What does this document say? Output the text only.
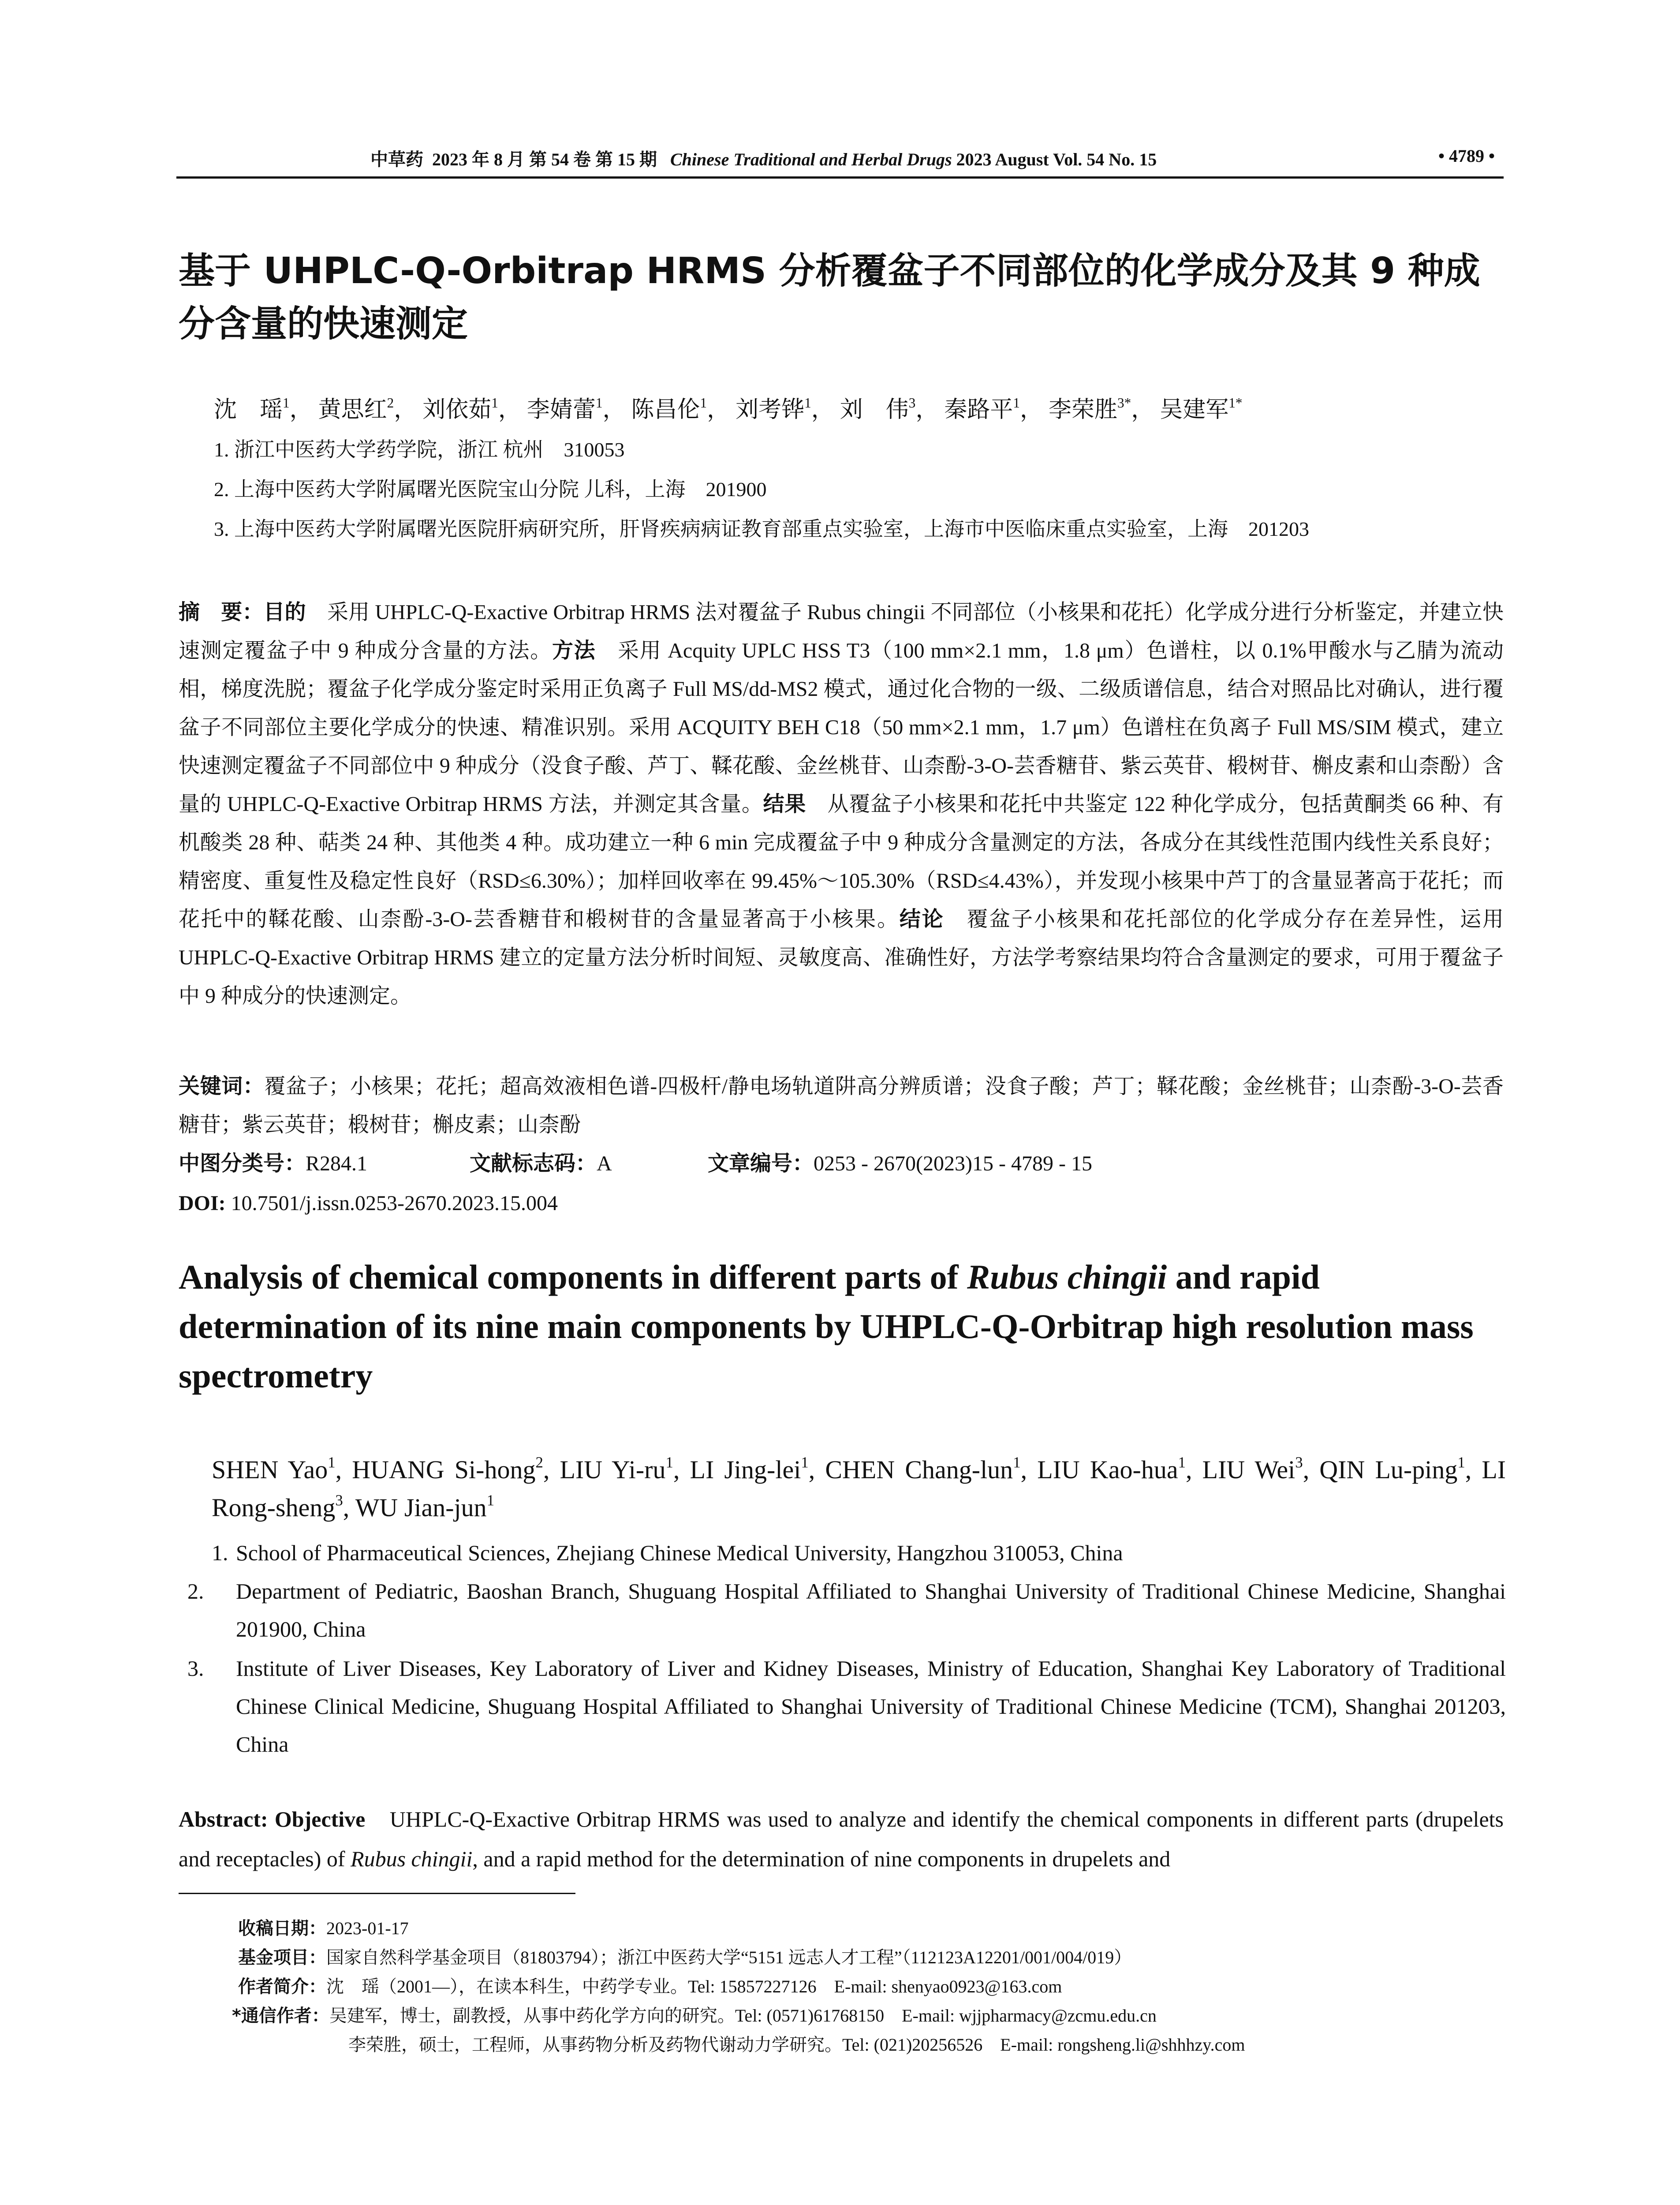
中草药 2023 年 8 月 第 54 卷 第 15 期 Chinese Traditional and Herbal Drugs 2023 August Vol. 54 No. 15	• 4789 •
基于 UHPLC-Q-Orbitrap HRMS 分析覆盆子不同部位的化学成分及其 9 种成分含量的快速测定
沈　瑶$^1$， 黄思红$^2$， 刘依茹$^1$， 李婧蕾$^1$， 陈昌伦$^1$， 刘考铧$^1$， 刘　伟$^3$， 秦路平$^1$， 李荣胜$^{3*}$， 吴建军$^{1*}$
1. 浙江中医药大学药学院，浙江 杭州　310053
2. 上海中医药大学附属曙光医院宝山分院 儿科，上海　201900
3. 上海中医药大学附属曙光医院肝病研究所，肝肾疾病病证教育部重点实验室，上海市中医临床重点实验室，上海　201203

摘　要：目的　采用 UHPLC-Q-Exactive Orbitrap HRMS 法对覆盆子 Rubus chingii 不同部位（小核果和花托）化学成分进行分析鉴定，并建立快速测定覆盆子中 9 种成分含量的方法。方法　采用 Acquity UPLC HSS T3（100 mm×2.1 mm，1.8 μm）色谱柱，以 0.1%甲酸水与乙腈为流动相，梯度洗脱；覆盆子化学成分鉴定时采用正负离子 Full MS/dd-MS2 模式，通过化合物的一级、二级质谱信息，结合对照品比对确认，进行覆盆子不同部位主要化学成分的快速、精准识别。采用 ACQUITY BEH C18（50 mm×2.1 mm，1.7 μm）色谱柱在负离子 Full MS/SIM 模式，建立快速测定覆盆子不同部位中 9 种成分（没食子酸、芦丁、鞣花酸、金丝桃苷、山柰酚-3-O-芸香糖苷、紫云英苷、椴树苷、槲皮素和山柰酚）含量的 UHPLC-Q-Exactive Orbitrap HRMS 方法，并测定其含量。结果　从覆盆子小核果和花托中共鉴定 122 种化学成分，包括黄酮类 66 种、有机酸类 28 种、萜类 24 种、其他类 4 种。成功建立一种 6 min 完成覆盆子中 9 种成分含量测定的方法，各成分在其线性范围内线性关系良好；精密度、重复性及稳定性良好（RSD≤6.30%）；加样回收率在 99.45%～105.30%（RSD≤4.43%），并发现小核果中芦丁的含量显著高于花托；而花托中的鞣花酸、山柰酚-3-O-芸香糖苷和椴树苷的含量显著高于小核果。结论　覆盆子小核果和花托部位的化学成分存在差异性，运用 UHPLC-Q-Exactive Orbitrap HRMS 建立的定量方法分析时间短、灵敏度高、准确性好，方法学考察结果均符合含量测定的要求，可用于覆盆子中 9 种成分的快速测定。

关键词：覆盆子；小核果；花托；超高效液相色谱-四极杆/静电场轨道阱高分辨质谱；没食子酸；芦丁；鞣花酸；金丝桃苷；山柰酚-3-O-芸香糖苷；紫云英苷；椴树苷；槲皮素；山柰酚

中图分类号：R284.1	文献标志码：A	文章编号：0253 - 2670(2023)15 - 4789 - 15
DOI: 10.7501/j.issn.0253-2670.2023.15.004
Analysis of chemical components in different parts of Rubus chingii and rapid determination of its nine main components by UHPLC-Q-Orbitrap high resolution mass spectrometry

SHEN Yao$^1$, HUANG Si-hong$^2$, LIU $Yi-ru^1$, LI Jing-lei$^1$, CHEN Chang-lun$^1$, LIU Kao-hua$^1$, LIU Wei$^3$, QIN Lu-ping$^1$, LI Rong-sheng$^3$, WU Jian-jun$^1$

1. School of Pharmaceutical Sciences, Zhejiang Chinese Medical University, Hangzhou 310053, China

2. Department of Pediatric, Baoshan Branch, Shuguang Hospital Affiliated to Shanghai University of Traditional Chinese Medicine, Shanghai 201900, China

3. Institute of Liver Diseases, Key Laboratory of Liver and Kidney Diseases, Ministry of Education, Shanghai Key Laboratory of Traditional Chinese Clinical Medicine, Shuguang Hospital Affiliated to Shanghai University of Traditional Chinese Medicine (TCM), Shanghai 201203, China

Abstract: Objective　UHPLC-Q-Exactive Orbitrap HRMS was used to analyze and identify the chemical components in different parts (drupelets and receptacles) of Rubus chingii, and a rapid method for the determination of nine components in drupelets and

收稿日期：2023-01-17
基金项目：国家自然科学基金项目（81803794）；浙江中医药大学“5151 远志人才工程”（112123A12201/001/004/019）
作者简介：沈　瑶（2001—），在读本科生，中药学专业。Tel: 15857227126　E-mail: shenyao0923@163.com
*通信作者：吴建军，博士，副教授，从事中药化学方向的研究。Tel: (0571)61768150　E-mail: wjjpharmacy@zcmu.edu.cn
李荣胜，硕士，工程师，从事药物分析及药物代谢动力学研究。Tel: (021)20256526　E-mail: rongsheng.li@shhhzy.com
